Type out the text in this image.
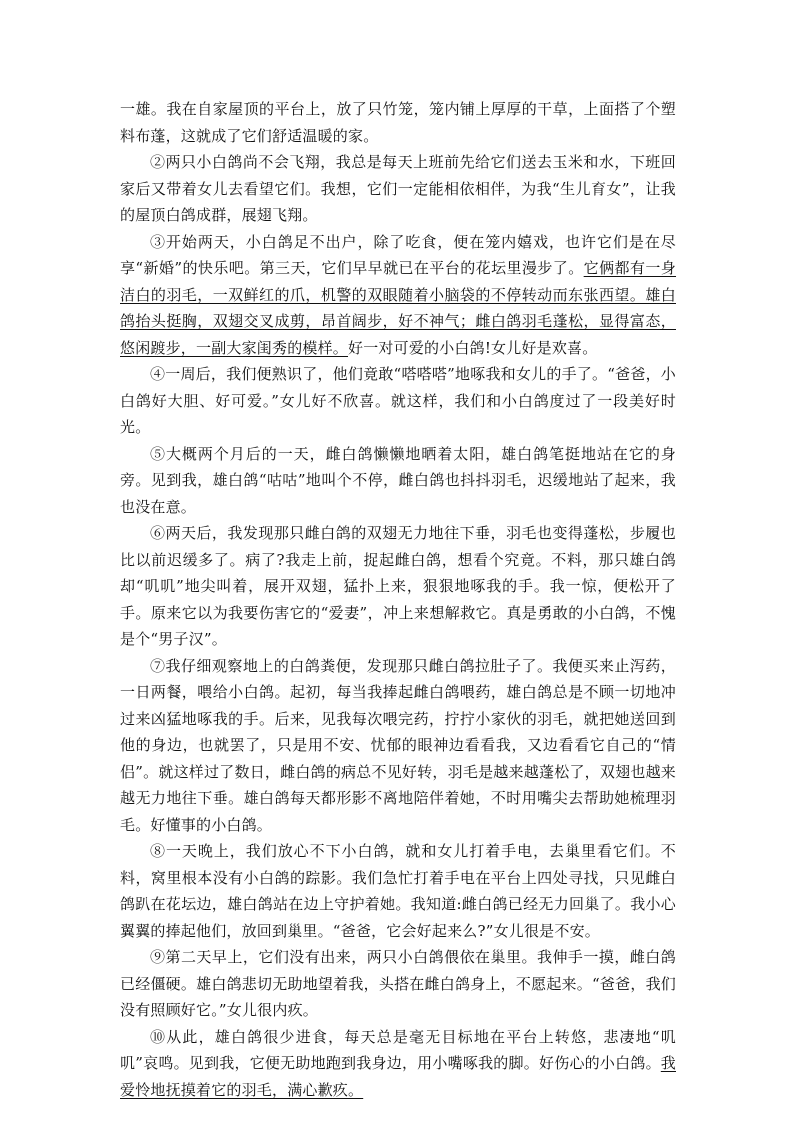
一雄。我在自家屋顶的平台上，放了只竹笼，笼内铺上厚厚的干草，上面搭了个塑料布蓬，这就成了它们舒适温暖的家。

②两只小白鸽尚不会飞翔，我总是每天上班前先给它们送去玉米和水，下班回家后又带着女儿去看望它们。我想，它们一定能相依相伴，为我“生儿育女”，让我的屋顶白鸽成群，展翅飞翔。

③开始两天，小白鸽足不出户，除了吃食，便在笼内嬉戏，也许它们是在尽享“新婚”的快乐吧。第三天，它们早早就已在平台的花坛里漫步了。它俩都有一身洁白的羽毛，一双鲜红的爪，机警的双眼随着小脑袋的不停转动而东张西望。雄白鸽抬头挺胸，双翅交叉成剪，昂首阔步，好不神气；雌白鸽羽毛蓬松，显得富态，悠闲踱步，一副大家闺秀的模样。好一对可爱的小白鸽!女儿好是欢喜。

④一周后，我们便熟识了，他们竟敢“嗒嗒嗒”地啄我和女儿的手了。“爸爸，小白鸽好大胆、好可爱。”女儿好不欣喜。就这样，我们和小白鸽度过了一段美好时光。

⑤大概两个月后的一天，雌白鸽懒懒地晒着太阳，雄白鸽笔挺地站在它的身旁。见到我，雄白鸽“咕咕”地叫个不停，雌白鸽也抖抖羽毛，迟缓地站了起来，我也没在意。

⑥两天后，我发现那只雌白鸽的双翅无力地往下垂，羽毛也变得蓬松，步履也比以前迟缓多了。病了?我走上前，捉起雌白鸽，想看个究竟。不料，那只雄白鸽却“叽叽”地尖叫着，展开双翅，猛扑上来，狠狠地啄我的手。我一惊，便松开了手。原来它以为我要伤害它的“爱妻”，冲上来想解救它。真是勇敢的小白鸽，不愧是个“男子汉”。

⑦我仔细观察地上的白鸽粪便，发现那只雌白鸽拉肚子了。我便买来止泻药，一日两餐，喂给小白鸽。起初，每当我捧起雌白鸽喂药，雄白鸽总是不顾一切地冲过来凶猛地啄我的手。后来，见我每次喂完药，拧拧小家伙的羽毛，就把她送回到他的身边，也就罢了，只是用不安、忧郁的眼神边看看我，又边看看它自己的“情侣”。就这样过了数日，雌白鸽的病总不见好转，羽毛是越来越蓬松了，双翅也越来越无力地往下垂。雄白鸽每天都形影不离地陪伴着她，不时用嘴尖去帮助她梳理羽毛。好懂事的小白鸽。

⑧一天晚上，我们放心不下小白鸽，就和女儿打着手电，去巢里看它们。不料，窝里根本没有小白鸽的踪影。我们急忙打着手电在平台上四处寻找，只见雌白鸽趴在花坛边，雄白鸽站在边上守护着她。我知道:雌白鸽已经无力回巢了。我小心翼翼的捧起他们，放回到巢里。“爸爸，它会好起来么?”女儿很是不安。

⑨第二天早上，它们没有出来，两只小白鸽偎依在巢里。我伸手一摸，雌白鸽已经僵硬。雄白鸽悲切无助地望着我，头搭在雌白鸽身上，不愿起来。“爸爸，我们没有照顾好它。”女儿很内疚。

⑩从此，雄白鸽很少进食，每天总是毫无目标地在平台上转悠，悲凄地“叽叽”哀鸣。见到我，它便无助地跑到我身边，用小嘴啄我的脚。好伤心的小白鸽。我爱怜地抚摸着它的羽毛，满心歉疚。
